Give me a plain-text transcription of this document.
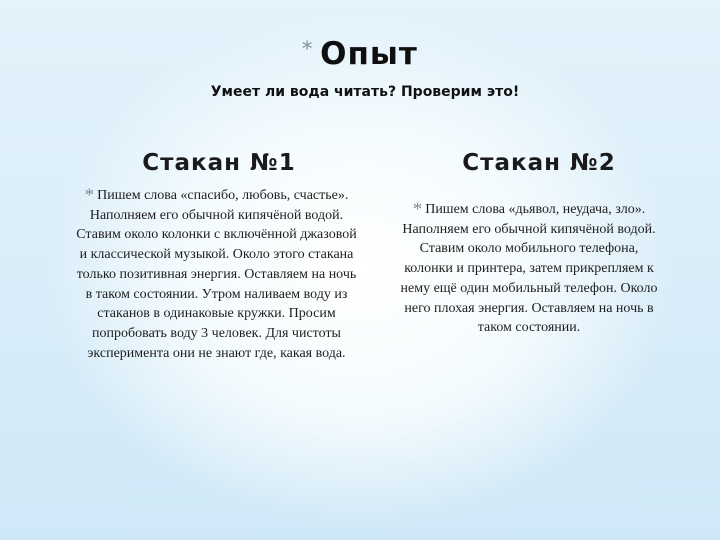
* Опыт
Умеет ли вода читать? Проверим это!
Стакан №1	Стакан №2
* Пишем слова «спасибо, любовь, счастье». Наполняем его обычной кипячёной водой. Ставим около колонки с включённой джазовой и классической музыкой. Около этого стакана только позитивная энергия. Оставляем на ночь в таком состоянии. Утром наливаем воду из стаканов в одинаковые кружки. Просим попробовать воду 3 человек. Для чистоты эксперимента они не знают где, какая вода.
* Пишем слова «дьявол, неудача, зло». Наполняем его обычной кипячёной водой. Ставим около мобильного телефона, колонки и принтера, затем прикрепляем к нему ещё один мобильный телефон. Около него плохая энергия. Оставляем на ночь в таком состоянии.
